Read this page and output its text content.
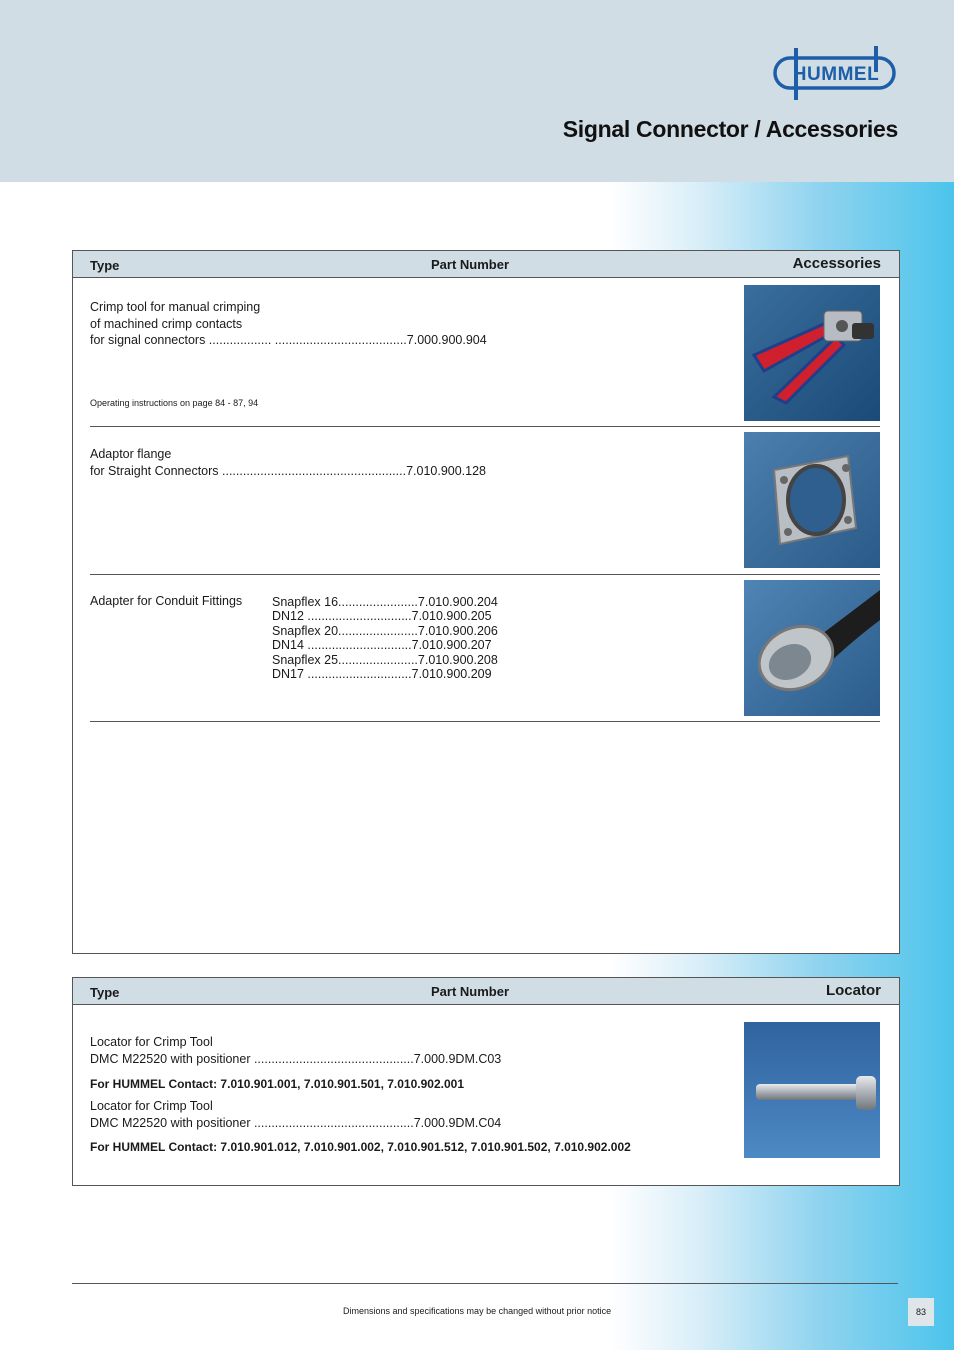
HUMMEL
Signal Connector / Accessories
Type	Part Number	Accessories
Crimp tool for manual crimping
of machined crimp contacts
for signal connectors .................. ......................................7.000.900.904
Operating instructions on page 84 - 87, 94
Adaptor flange
for Straight Connectors .....................................................7.010.900.128
Adapter for Conduit Fittings Snapflex 16.......................7.010.900.204
DN12 ..............................7.010.900.205
Snapflex 20.......................7.010.900.206
DN14 ..............................7.010.900.207
Snapflex 25.......................7.010.900.208
DN17 ..............................7.010.900.209
Type	Part Number	Locator
Locator for Crimp Tool
DMC M22520 with positioner ..............................................7.000.9DM.C03
For HUMMEL Contact: 7.010.901.001, 7.010.901.501, 7.010.902.001
Locator for Crimp Tool
DMC M22520 with positioner ..............................................7.000.9DM.C04
For HUMMEL Contact: 7.010.901.012, 7.010.901.002, 7.010.901.512, 7.010.901.502, 7.010.902.002
Dimensions and specifications may be changed without prior notice	83
